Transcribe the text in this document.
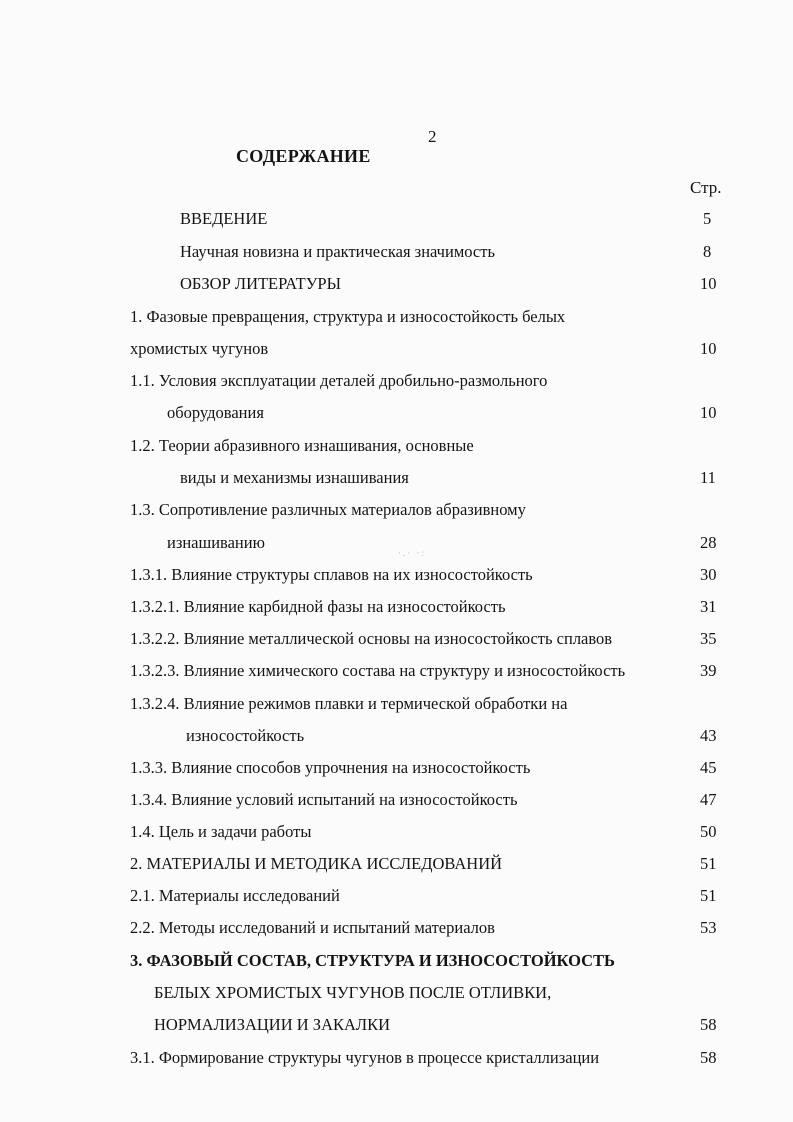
2
СОДЕРЖАНИЕ
Стр.
·.· ·:
ВВЕДЕНИЕ	5
Научная новизна и практическая значимость	8
ОБЗОР ЛИТЕРАТУРЫ	10
1. Фазовые превращения, структура и износостойкость белых
хромистых чугунов	10
1.1. Условия эксплуатации деталей дробильно-размольного
оборудования	10
1.2. Теории абразивного изнашивания, основные
виды и механизмы изнашивания	11
1.3. Сопротивление различных материалов абразивному
изнашиванию	28
1.3.1. Влияние структуры сплавов на их износостойкость	30
1.3.2.1. Влияние карбидной фазы на износостойкость	31
1.3.2.2. Влияние металлической основы на износостойкость сплавов	35
1.3.2.3. Влияние химического состава на структуру и износостойкость	39
1.3.2.4. Влияние режимов плавки и термической обработки на
износостойкость	43
1.3.3. Влияние способов упрочнения на износостойкость	45
1.3.4. Влияние условий испытаний на износостойкость	47
1.4. Цель и задачи работы	50
2. МАТЕРИАЛЫ И МЕТОДИКА ИССЛЕДОВАНИЙ	51
2.1. Материалы исследований	51
2.2. Методы исследований и испытаний материалов	53
3. ФАЗОВЫЙ СОСТАВ, СТРУКТУРА И ИЗНОСОСТОЙКОСТЬ
БЕЛЫХ ХРОМИСТЫХ ЧУГУНОВ ПОСЛЕ ОТЛИВКИ,
НОРМАЛИЗАЦИИ И ЗАКАЛКИ	58
3.1. Формирование структуры чугунов в процессе кристаллизации	58
